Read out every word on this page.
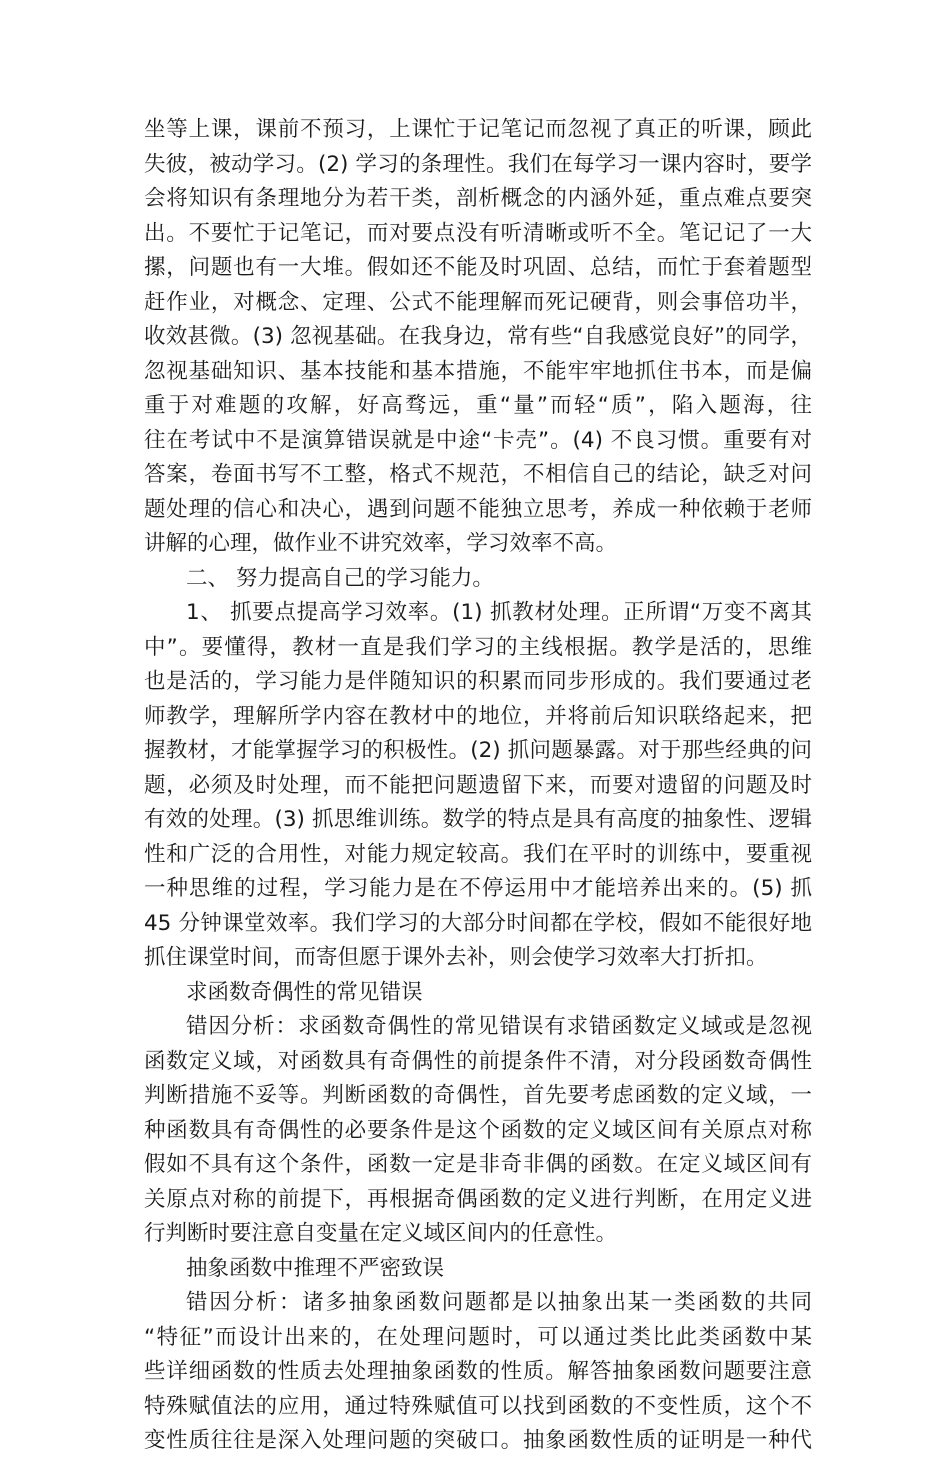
坐等上课，课前不预习，上课忙于记笔记而忽视了真正的听课，顾此
失彼，被动学习。(2) 学习的条理性。我们在每学习一课内容时，要学
会将知识有条理地分为若干类，剖析概念的内涵外延，重点难点要突
出。不要忙于记笔记，而对要点没有听清晰或听不全。笔记记了一大
摞，问题也有一大堆。假如还不能及时巩固、总结，而忙于套着题型
赶作业，对概念、定理、公式不能理解而死记硬背，则会事倍功半，
收效甚微。(3) 忽视基础。在我身边，常有些“自我感觉良好”的同学，
忽视基础知识、基本技能和基本措施，不能牢牢地抓住书本，而是偏
重于对难题的攻解，好高骛远，重“量”而轻“质”，陷入题海，往
往在考试中不是演算错误就是中途“卡壳”。(4) 不良习惯。重要有对
答案，卷面书写不工整，格式不规范，不相信自己的结论，缺乏对问
题处理的信心和决心，遇到问题不能独立思考，养成一种依赖于老师
讲解的心理，做作业不讲究效率，学习效率不高。
二、 努力提高自己的学习能力。
1、 抓要点提高学习效率。(1) 抓教材处理。正所谓“万变不离其
中”。要懂得，教材一直是我们学习的主线根据。教学是活的，思维
也是活的，学习能力是伴随知识的积累而同步形成的。我们要通过老
师教学，理解所学内容在教材中的地位，并将前后知识联络起来，把
握教材，才能掌握学习的积极性。(2) 抓问题暴露。对于那些经典的问
题，必须及时处理，而不能把问题遗留下来，而要对遗留的问题及时
有效的处理。(3) 抓思维训练。数学的特点是具有高度的抽象性、逻辑
性和广泛的合用性，对能力规定较高。我们在平时的训练中，要重视
一种思维的过程，学习能力是在不停运用中才能培养出来的。(5) 抓
45 分钟课堂效率。我们学习的大部分时间都在学校，假如不能很好地
抓住课堂时间，而寄但愿于课外去补，则会使学习效率大打折扣。
求函数奇偶性的常见错误
错因分析：求函数奇偶性的常见错误有求错函数定义域或是忽视
函数定义域，对函数具有奇偶性的前提条件不清，对分段函数奇偶性
判断措施不妥等。判断函数的奇偶性，首先要考虑函数的定义域，一
种函数具有奇偶性的必要条件是这个函数的定义域区间有关原点对称
假如不具有这个条件，函数一定是非奇非偶的函数。在定义域区间有
关原点对称的前提下，再根据奇偶函数的定义进行判断，在用定义进
行判断时要注意自变量在定义域区间内的任意性。
抽象函数中推理不严密致误
错因分析：诸多抽象函数问题都是以抽象出某一类函数的共同
“特征”而设计出来的，在处理问题时，可以通过类比此类函数中某
些详细函数的性质去处理抽象函数的性质。解答抽象函数问题要注意
特殊赋值法的应用，通过特殊赋值可以找到函数的不变性质，这个不
变性质往往是深入处理问题的突破口。抽象函数性质的证明是一种代
